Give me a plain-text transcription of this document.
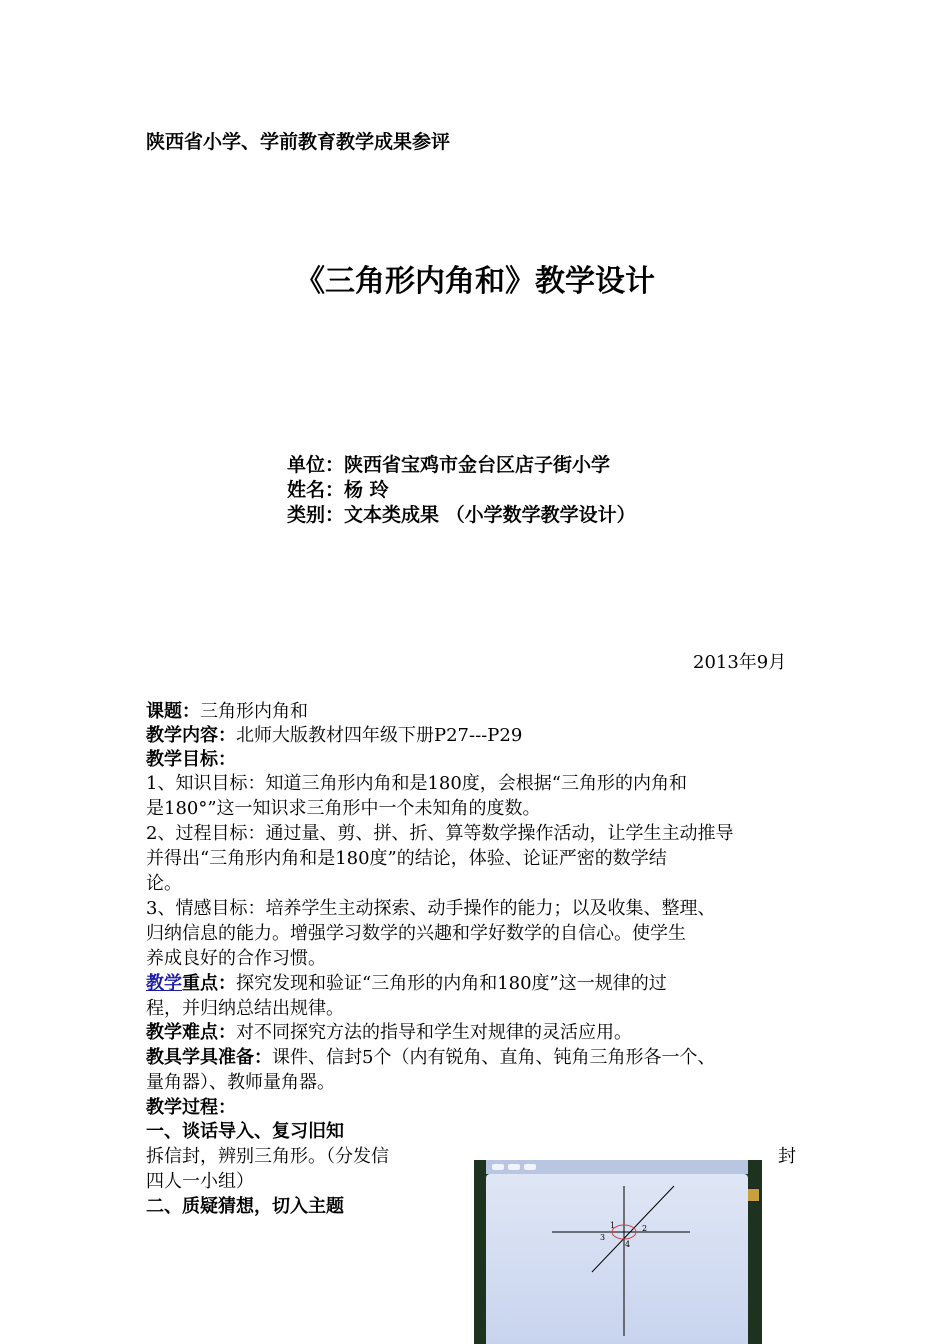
陕西省小学、学前教育教学成果参评
《三角形内角和》教学设计
单位：陕西省宝鸡市金台区店子街小学
姓名：杨 玲
类别：文本类成果 （小学数学教学设计）
2013年9月
课题：三角形内角和
教学内容：北师大版教材四年级下册P27---P29
教学目标：
1、知识目标：知道三角形内角和是180度，会根据“三角形的内角和
是180°”这一知识求三角形中一个未知角的度数。
2、过程目标：通过量、剪、拼、折、算等数学操作活动，让学生主动推导
并得出“三角形内角和是180度”的结论，体验、论证严密的数学结
论。
3、情感目标：培养学生主动探索、动手操作的能力；以及收集、整理、
归纳信息的能力。增强学习数学的兴趣和学好数学的自信心。使学生
养成良好的合作习惯。
教学重点：探究发现和验证“三角形的内角和180度”这一规律的过
程，并归纳总结出规律。
教学难点：对不同探究方法的指导和学生对规律的灵活应用。
教具学具准备：课件、信封5个（内有锐角、直角、钝角三角形各一个、
量角器）、教师量角器。
教学过程：
一、谈话导入、复习旧知
拆信封，辨别三角形。（分发信	封
四人一小组）
二、质疑猜想，切入主题
1	2
3
4
